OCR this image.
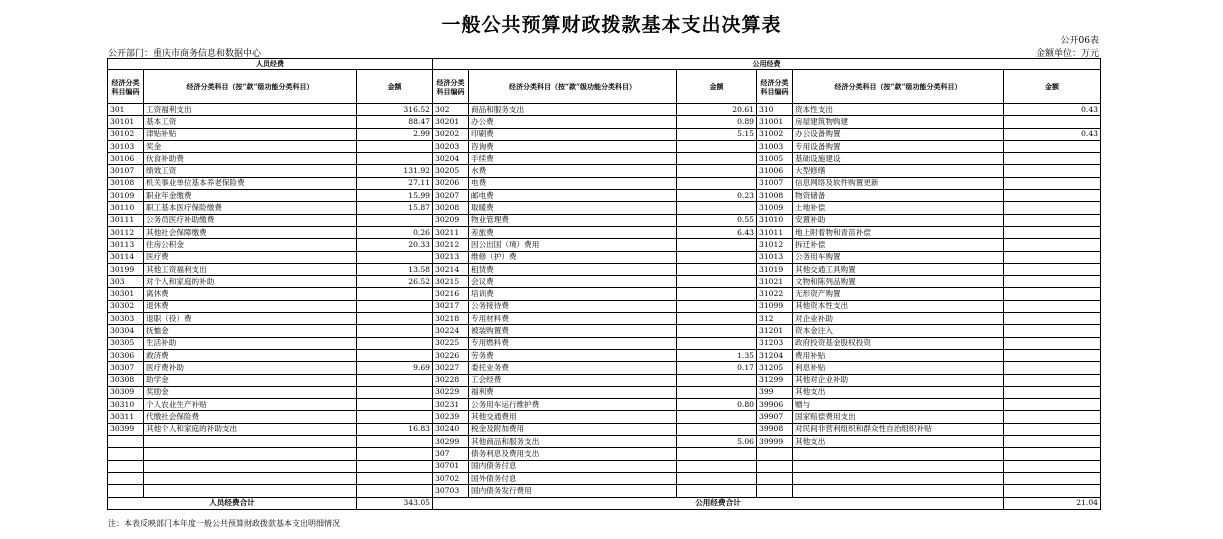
一般公共预算财政拨款基本支出决算表
公开06表
公开部门：重庆市商务信息和数据中心	金额单位：万元
人员经费			公用经费					
经济分类科目编码	经济分类科目（按“款”级功能分类科目）	金额	经济分类科目编码	经济分类科目（按“款”级功能分类科目）	金额	经济分类科目编码	经济分类科目（按“款”级功能分类科目）	金额
301	工资福利支出	316.52	302	商品和服务支出	20.61	310	资本性支出	0.43
30101	基本工资	88.47	30201	办公费	0.89	31001	房屋建筑物购建	
30102	津贴补贴	2.99	30202	印刷费	5.15	31002	办公设备购置	0.43
30103	奖金		30203	咨询费		31003	专用设备购置	
30106	伙食补助费		30204	手续费		31005	基础设施建设	
30107	绩效工资	131.92	30205	水费		31006	大型修缮	
30108	机关事业单位基本养老保险费	27.11	30206	电费		31007	信息网络及软件购置更新	
30109	职业年金缴费	15.99	30207	邮电费	0.23	31008	物资储备	
30110	职工基本医疗保险缴费	15.87	30208	取暖费		31009	土地补偿	
30111	公务员医疗补助缴费		30209	物业管理费	0.55	31010	安置补助	
30112	其他社会保障缴费	0.26	30211	差旅费	6.43	31011	地上附着物和青苗补偿	
30113	住房公积金	20.33	30212	因公出国（境）费用		31012	拆迁补偿	
30114	医疗费		30213	维修（护）费		31013	公务用车购置	
30199	其他工资福利支出	13.58	30214	租赁费		31019	其他交通工具购置	
303	对个人和家庭的补助	26.52	30215	会议费		31021	文物和陈列品购置	
30301	离休费		30216	培训费		31022	无形资产购置	
30302	退休费		30217	公务接待费		31099	其他资本性支出	
30303	退职（役）费		30218	专用材料费		312	对企业补助	
30304	抚恤金		30224	被装购置费		31201	资本金注入	
30305	生活补助		30225	专用燃料费		31203	政府投资基金股权投资	
30306	救济费		30226	劳务费	1.35	31204	费用补贴	
30307	医疗费补助	9.69	30227	委托业务费	0.17	31205	利息补贴	
30308	助学金		30228	工会经费		31299	其他对企业补助	
30309	奖励金		30229	福利费		399	其他支出	
30310	个人农业生产补贴		30231	公务用车运行维护费	0.80	39906	赠与	
30311	代缴社会保险费		30239	其他交通费用		39907	国家赔偿费用支出	
30399	其他个人和家庭的补助支出	16.83	30240	税金及附加费用		39908	对民间非营利组织和群众性自治组织补贴	
			30299	其他商品和服务支出	5.06	39999	其他支出	
			307	债务利息及费用支出				
			30701	国内债务付息				
			30702	国外债务付息				
			30703	国内债务发行费用				
人员经费合计		343.05	公用经费合计					21.04
注：本表反映部门本年度一般公共预算财政拨款基本支出明细情况
